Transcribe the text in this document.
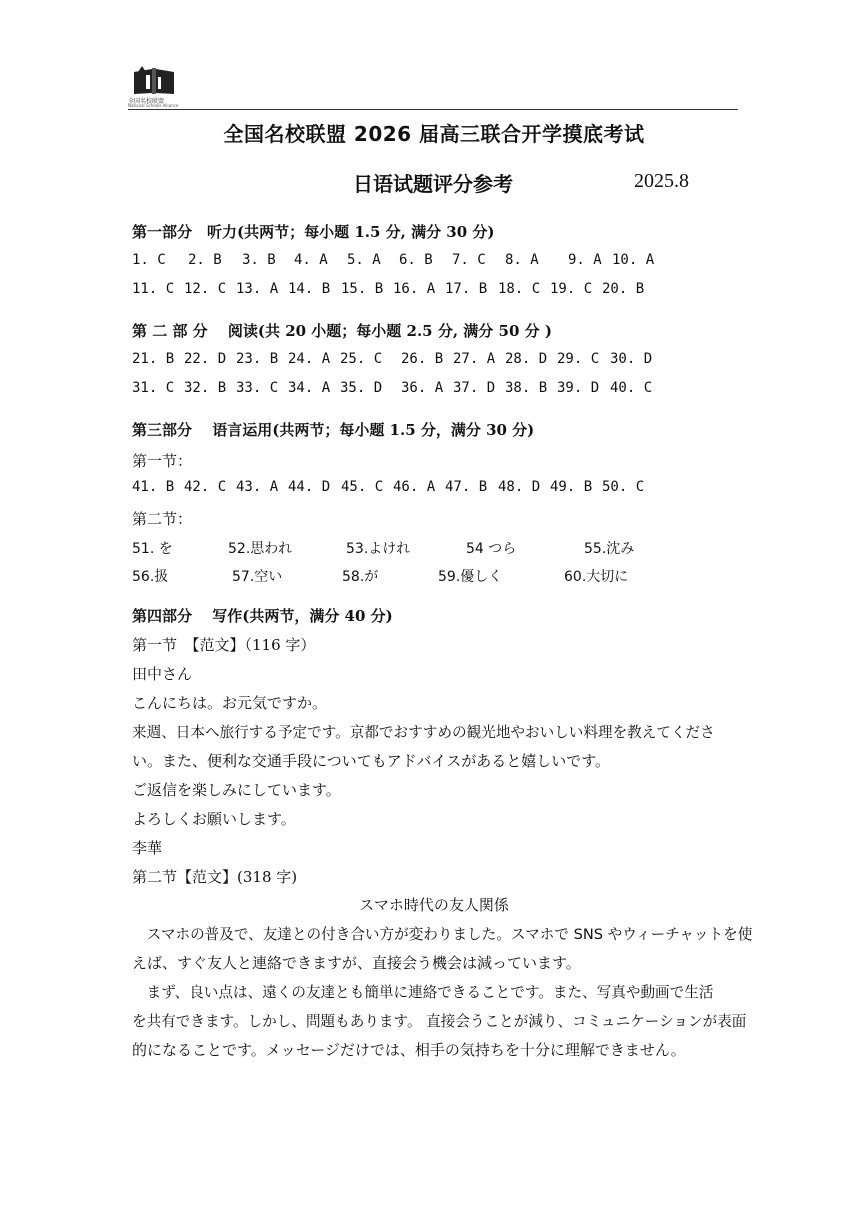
全国名校联盟
National Schools Alliance
全国名校联盟 2026 届高三联合开学摸底考试
日语试题评分参考	2025.8
第一部分　听力(共两节；每小题 1.5 分, 满分 30 分)
1. C 2. B 3. B 4. A 5. A 6. B 7. C 8. A 9. A 10. A
11. C 12. C 13. A 14. B 15. B 16. A 17. B 18. C 19. C 20. B
第 二 部 分　 阅读(共 20 小题；每小题 2.5 分, 满分 50 分 )
21. B 22. D 23. B 24. A 25. C 26. B 27. A 28. D 29. C 30. D
31. C 32. B 33. C 34. A 35. D 36. A 37. D 38. B 39. D 40. C
第三部分　 语言运用(共两节；每小题 1.5 分，满分 30 分)
第一节：
41. B 42. C 43. A 44. D 45. C 46. A 47. B 48. D 49. B 50. C
第二节：
51. を	52.思われ	53.よけれ	54 つら	55.沈み
56.扱	57.空い	58.が	59.優しく	60.大切に
第四部分　 写作(共两节，满分 40 分)
第一节　【范文】（116 字）
田中さん
こんにちは。お元気ですか。
来週、日本へ旅行する予定です。京都でおすすめの観光地やおいしい料理を教えてくださ
い。また、便利な交通手段についてもアドバイスがあると嬉しいです。
ご返信を楽しみにしています。
よろしくお願いします。
李華
第二节【范文】(318 字)
スマホ時代の友人関係
　スマホの普及で、友達との付き合い方が変わりました。スマホで SNS やウィーチャットを使
えば、すぐ友人と連絡できますが、直接会う機会は減っています。
　まず、良い点は、遠くの友達とも簡単に連絡できることです。また、写真や動画で生活
を共有できます。しかし、問題もあります。 直接会うことが減り、コミュニケーションが表面
的になることです。メッセージだけでは、相手の気持ちを十分に理解できません。
